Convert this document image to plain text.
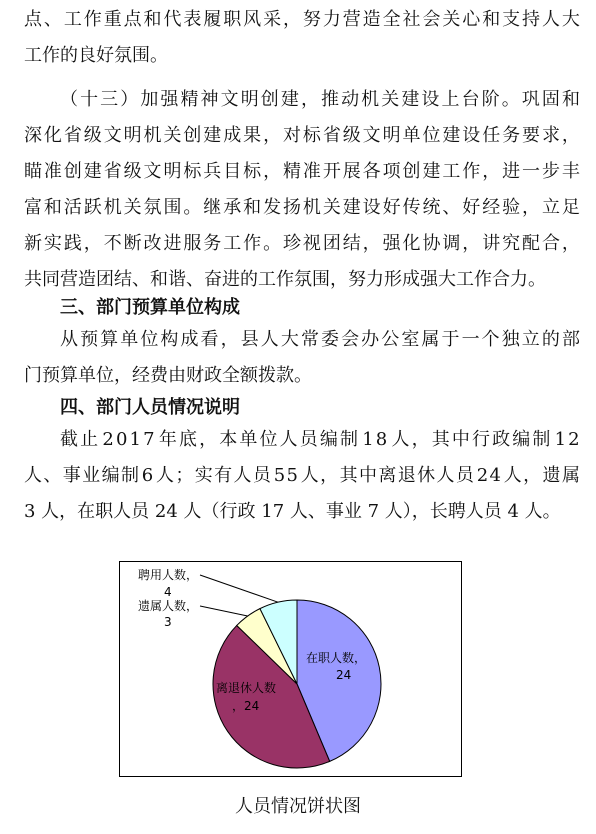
点 、 工 作 重 点 和 代 表 履 职 风 采 ， 努 力 营 造 全 社 会 关 心 和 支 持 人 大
工作的良好氛围。
（ 十 三 ） 加 强 精 神 文 明 创 建 ， 推 动 机 关 建 设 上 台 阶 。 巩 固 和
深 化 省 级 文 明 机 关 创 建 成 果 ， 对 标 省 级 文 明 单 位 建 设 任 务 要 求 ，
瞄 准 创 建 省 级 文 明 标 兵 目 标 ， 精 准 开 展 各 项 创 建 工 作 ， 进 一 步 丰
富 和 活 跃 机 关 氛 围 。 继 承 和 发 扬 机 关 建 设 好 传 统 、 好 经 验 ， 立 足
新 实 践 ， 不 断 改 进 服 务 工 作 。 珍 视 团 结 ， 强 化 协 调 ， 讲 究 配 合 ，
共同营造团结、和谐、奋进的工作氛围，努力形成强大工作合力。
三、部门预算单位构成
从 预 算 单 位 构 成 看 ， 县 人 大 常 委 会 办 公 室 属 于 一 个 独 立 的 部
门预算单位，经费由财政全额拨款。
四、部门人员情况说明
截 止 2 0 1 7 年 底 ， 本 单 位 人 员 编 制 1 8 人 ， 其 中 行 政 编 制 1 2
人 、 事 业 编 制 6 人 ； 实 有 人 员 5 5 人 ， 其 中 离 退 休 人 员 2 4 人 ， 遗 属
3 人，在职人员 24 人（行政 17 人、事业 7 人），长聘人员 4 人。
在职人数，
24
离退休人数
，24
遗属人数，
3
聘用人数，
4
人员情况饼状图
